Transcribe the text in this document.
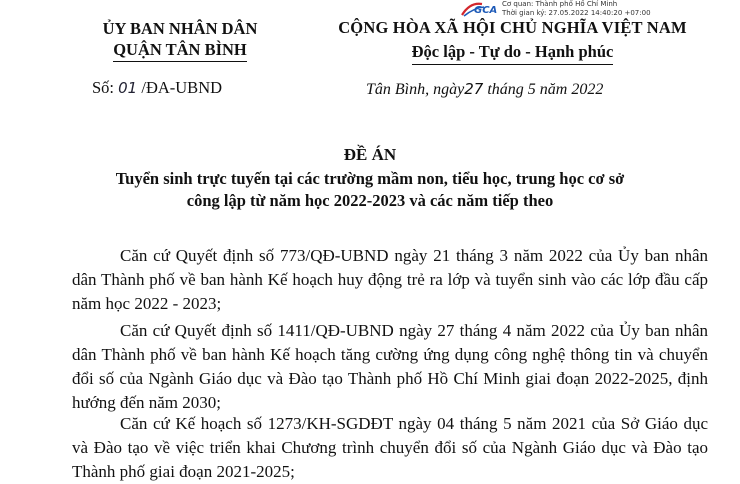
ỦY BAN NHÂN DÂN
QUẬN TÂN BÌNH
Số: 01 /ĐA-UBND
GCA
Cơ quan: Thành phố Hồ Chí Minh
Thời gian ký: 27.05.2022 14:40:20 +07:00
CỘNG HÒA XÃ HỘI CHỦ NGHĨA VIỆT NAM
Độc lập - Tự do - Hạnh phúc
Tân Bình, ngày27 tháng 5 năm 2022
ĐỀ ÁN
Tuyển sinh trực tuyến tại các trường mầm non, tiểu học, trung học cơ sở
công lập từ năm học 2022-2023 và các năm tiếp theo
Căn cứ Quyết định số 773/QĐ-UBND ngày 21 tháng 3 năm 2022 của Ủy ban nhân dân Thành phố về ban hành Kế hoạch huy động trẻ ra lớp và tuyển sinh vào các lớp đầu cấp năm học 2022 - 2023;
Căn cứ Quyết định số 1411/QĐ-UBND ngày 27 tháng 4 năm 2022 của Ủy ban nhân dân Thành phố về ban hành Kế hoạch tăng cường ứng dụng công nghệ thông tin và chuyển đổi số của Ngành Giáo dục và Đào tạo Thành phố Hồ Chí Minh giai đoạn 2022-2025, định hướng đến năm 2030;
Căn cứ Kế hoạch số 1273/KH-SGDĐT ngày 04 tháng 5 năm 2021 của Sở Giáo dục và Đào tạo về việc triển khai Chương trình chuyển đổi số của Ngành Giáo dục và Đào tạo Thành phố giai đoạn 2021-2025;
